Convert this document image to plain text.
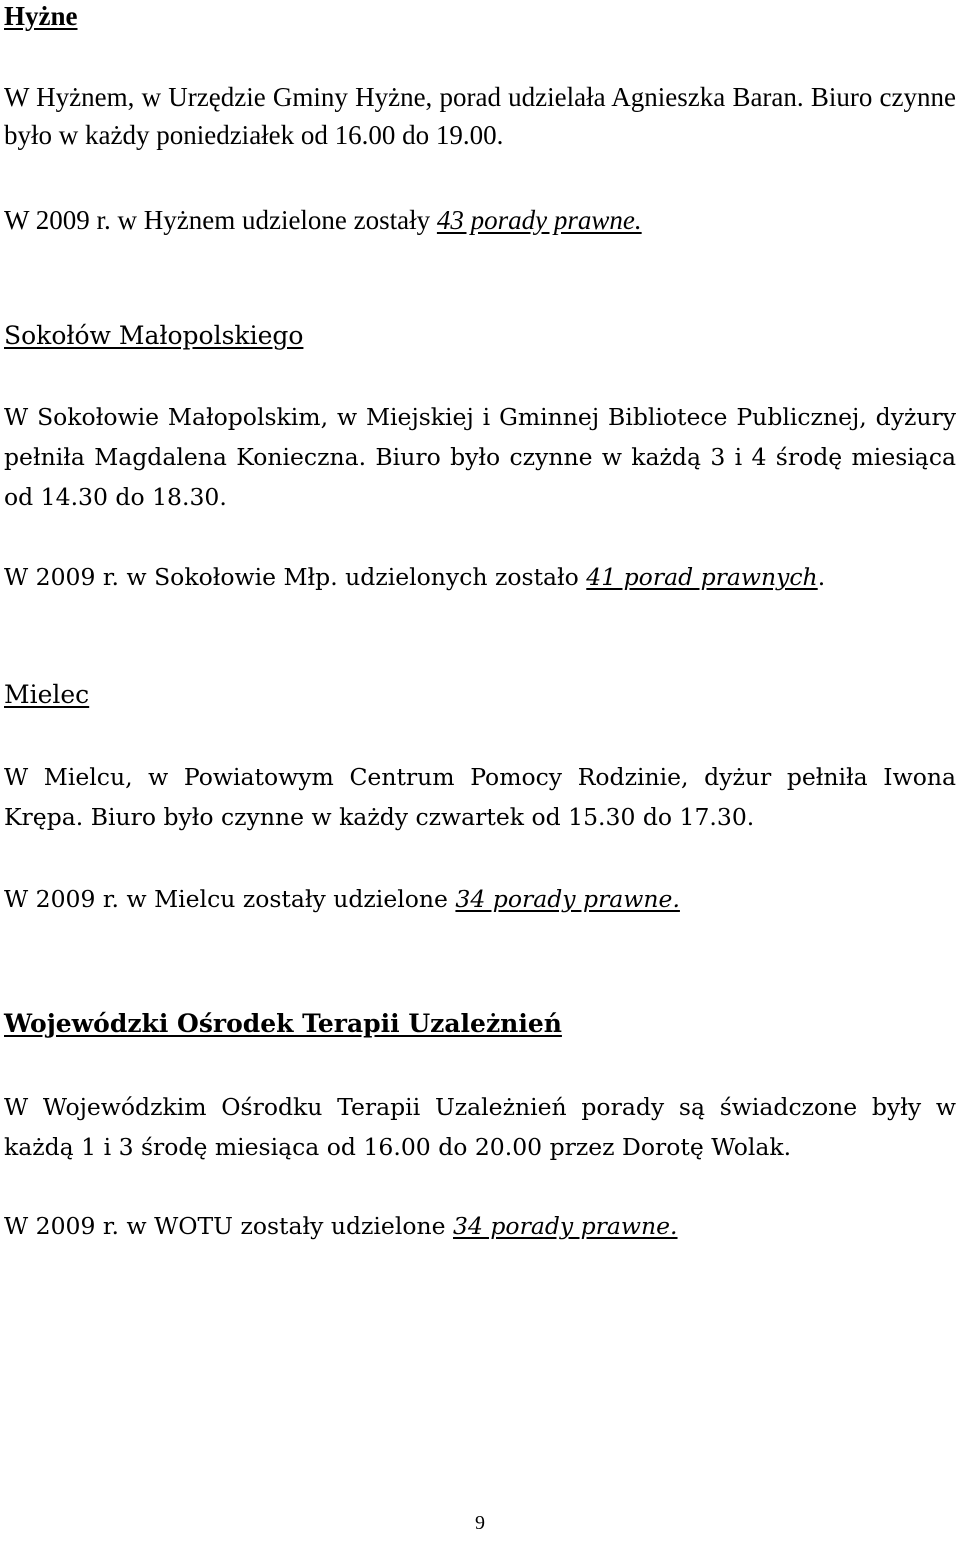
Hyżne

W Hyżnem, w Urzędzie Gminy Hyżne, porad udzielała Agnieszka Baran. Biuro czynne było w każdy poniedziałek od 16.00 do 19.00.

W 2009 r. w Hyżnem udzielone zostały 43 porady prawne.
Sokołów Małopolskiego

W Sokołowie Małopolskim, w Miejskiej i Gminnej Bibliotece Publicznej, dyżury pełniła Magdalena Konieczna. Biuro było czynne w każdą 3 i 4 środę miesiąca od 14.30 do 18.30.

W 2009 r. w Sokołowie Młp. udzielonych zostało 41 porad prawnych.
Mielec

W Mielcu, w Powiatowym Centrum Pomocy Rodzinie, dyżur pełniła Iwona Krępa. Biuro było czynne w każdy czwartek od 15.30 do 17.30.

W 2009 r. w Mielcu zostały udzielone 34 porady prawne.
Wojewódzki Ośrodek Terapii Uzależnień

W Wojewódzkim Ośrodku Terapii Uzależnień porady są świadczone były w każdą 1 i 3 środę miesiąca od 16.00 do 20.00 przez Dorotę Wolak.

W 2009 r. w WOTU zostały udzielone 34 porady prawne.
9
